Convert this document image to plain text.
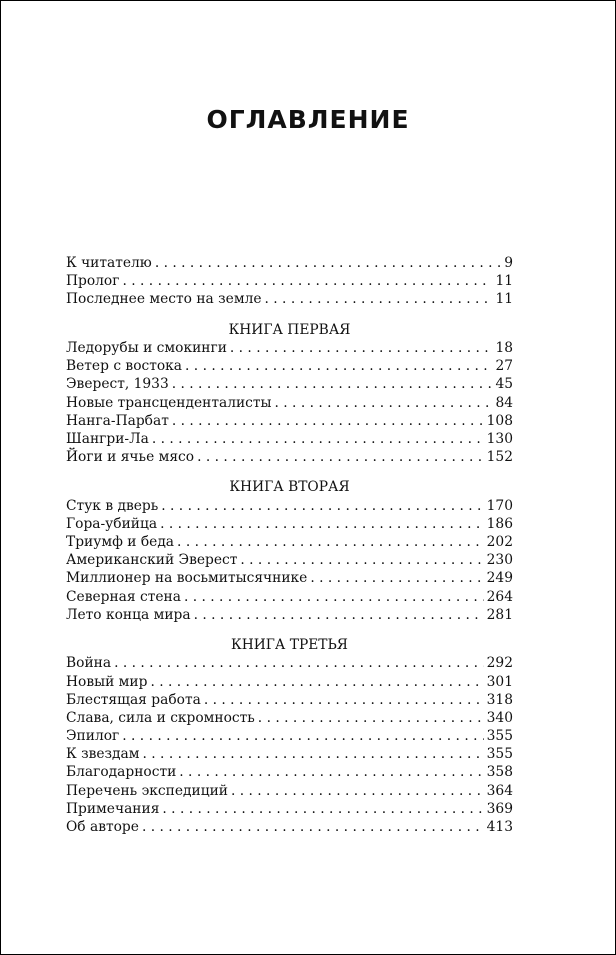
ОГЛАВЛЕНИЕ
К читателю . . .	9
Пролог . . .	11
Последнее место на земле . . .	11
КНИГА ПЕРВАЯ
Ледорубы и смокинги . . .	18
Ветер с востока . . .	27
Эверест, 1933 . . .	45
Новые трансценденталисты . . .	84
Нанга-Парбат . . .	108
Шангри-Ла . . .	130
Йоги и ячье мясо . . .	152
КНИГА ВТОРАЯ
Стук в дверь . . .	170
Гора-убийца . . .	186
Триумф и беда . . .	202
Американский Эверест . . .	230
Миллионер на восьмитысячнике . . .	249
Северная стена . . .	264
Лето конца мира . . .	281
КНИГА ТРЕТЬЯ
Война . . .	292
Новый мир . . .	301
Блестящая работа . . .	318
Слава, сила и скромность . . .	340
Эпилог . . .	355
К звездам . . .	355
Благодарности . . .	358
Перечень экспедиций . . .	364
Примечания . . .	369
Об авторе . . .	413
